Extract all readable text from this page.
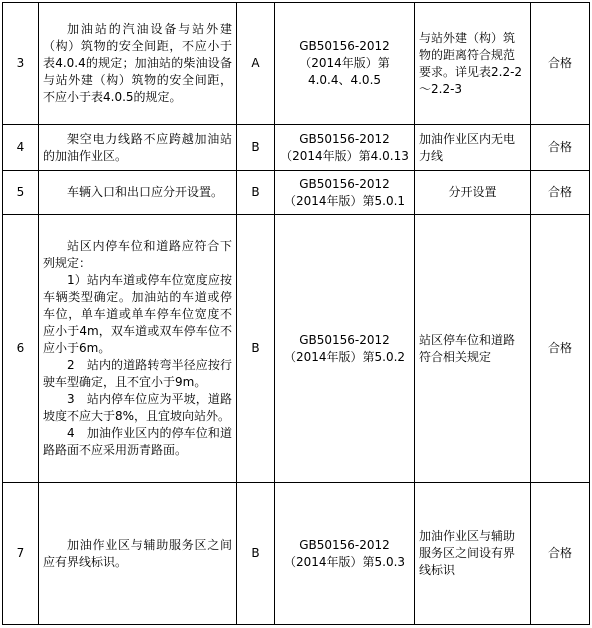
3	加油站的汽油设备与站外建（构）筑物的安全间距，不应小于表4.0.4的规定；加油站的柴油设备与站外建（构）筑物的安全间距，不应小于表4.0.5的规定。	A	GB50156-2012（2014年版）第4.0.4、4.0.5	与站外建（构）筑物的距离符合规范要求。详见表2.2-2～2.2-3	合格
4	架空电力线路不应跨越加油站的加油作业区。	B	GB50156-2012（2014年版）第4.0.13	加油作业区内无电力线	合格
5	车辆入口和出口应分开设置。	B	GB50156-2012（2014年版）第5.0.1	分开设置	合格
6	站区内停车位和道路应符合下列规定：
1）站内车道或停车位宽度应按车辆类型确定。加油站的车道或停车位，单车道或单车停车位宽度不应小于4m，双车道或双车停车位不应小于6m。
2　站内的道路转弯半径应按行驶车型确定，且不宜小于9m。
3　站内停车位应为平坡，道路坡度不应大于8%，且宜坡向站外。
4　加油作业区内的停车位和道路路面不应采用沥青路面。	B	GB50156-2012（2014年版）第5.0.2	站区停车位和道路符合相关规定	合格
7	加油作业区与辅助服务区之间应有界线标识。	B	GB50156-2012（2014年版）第5.0.3	加油作业区与辅助服务区之间设有界线标识	合格
